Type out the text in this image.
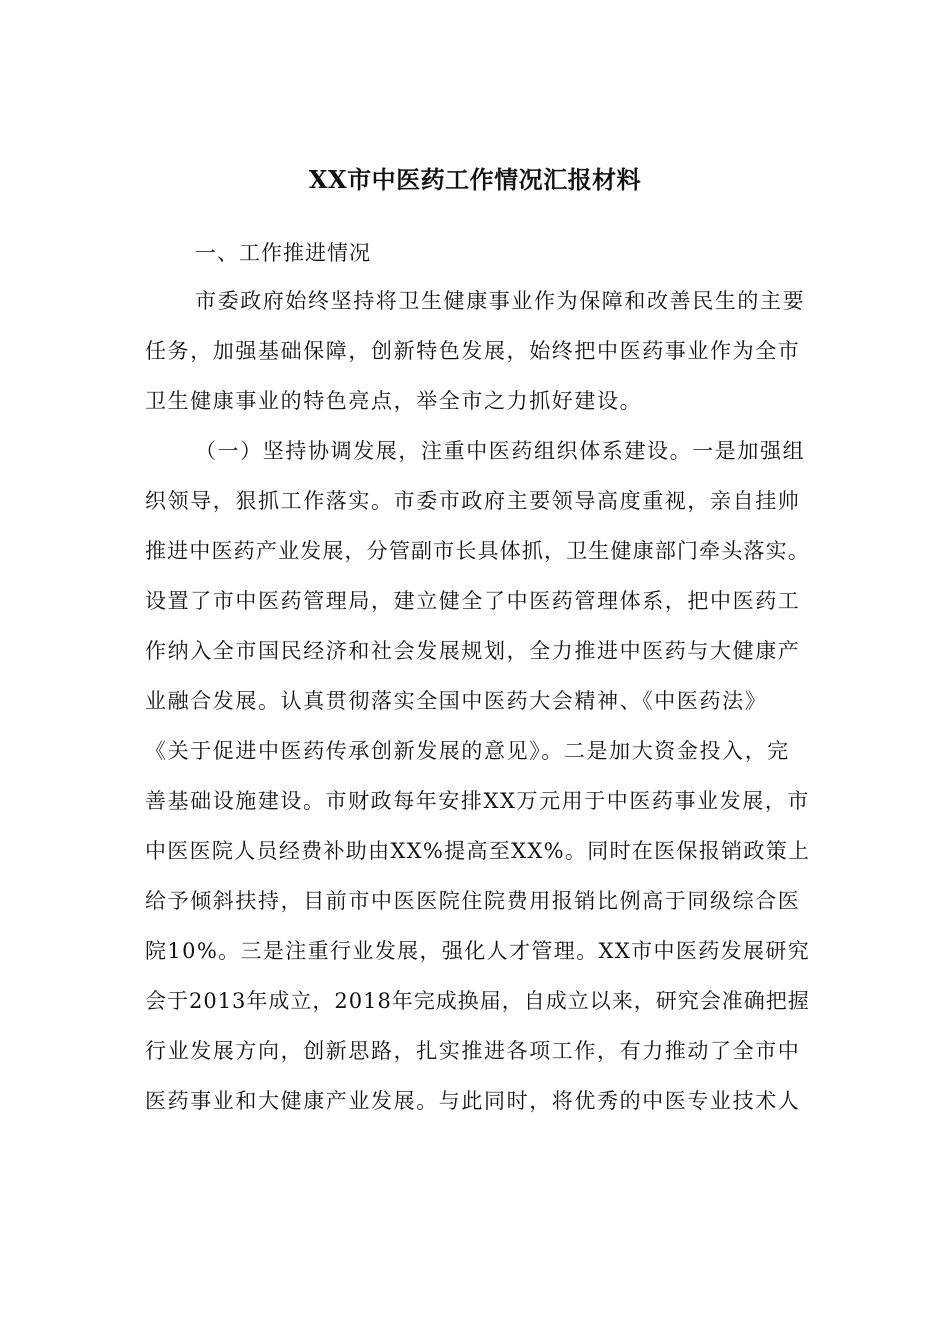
XX市中医药工作情况汇报材料
一、工作推进情况
市委政府始终坚持将卫生健康事业作为保障和改善民生的主要
任务，加强基础保障，创新特色发展，始终把中医药事业作为全市
卫生健康事业的特色亮点，举全市之力抓好建设。
（一）坚持协调发展，注重中医药组织体系建设。一是加强组
织领导，狠抓工作落实。市委市政府主要领导高度重视，亲自挂帅
推进中医药产业发展，分管副市长具体抓，卫生健康部门牵头落实。
设置了市中医药管理局，建立健全了中医药管理体系，把中医药工
作纳入全市国民经济和社会发展规划，全力推进中医药与大健康产
业融合发展。认真贯彻落实全国中医药大会精神、《中医药法》
《关于促进中医药传承创新发展的意见》。二是加大资金投入，完
善基础设施建设。市财政每年安排XX万元用于中医药事业发展，市
中医医院人员经费补助由XX%提高至XX%。同时在医保报销政策上
给予倾斜扶持，目前市中医医院住院费用报销比例高于同级综合医
院10%。三是注重行业发展，强化人才管理。XX市中医药发展研究
会于2013年成立，2018年完成换届，自成立以来，研究会准确把握
行业发展方向，创新思路，扎实推进各项工作，有力推动了全市中
医药事业和大健康产业发展。与此同时，将优秀的中医专业技术人
